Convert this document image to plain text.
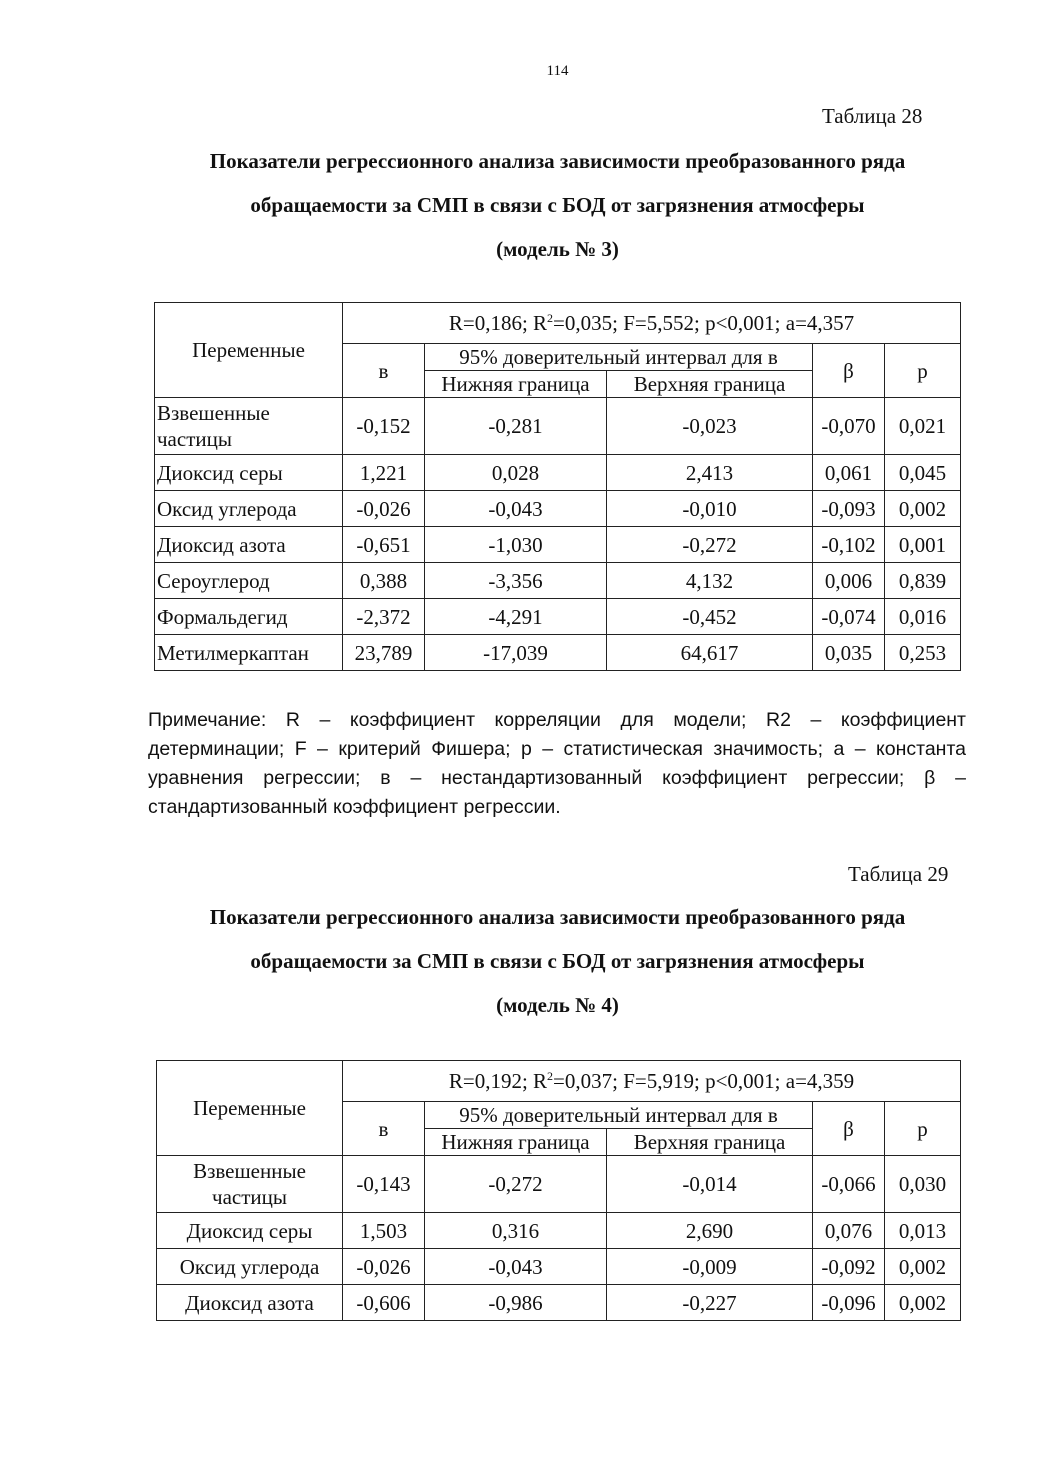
114
Таблица 28
Показатели регрессионного анализа зависимости преобразованного ряда
обращаемости за СМП в связи с БОД от загрязнения атмосферы
(модель № 3)
Переменные	R=0,186; $R^2=0,035$; F=5,552; p<0,001; a=4,357				
	в	95% доверительный интервал для в		β	p
		Нижняя граница	Верхняя граница		
Взвешенные частицы	-0,152	-0,281	-0,023	-0,070	0,021
Диоксид серы	1,221	0,028	2,413	0,061	0,045
Оксид углерода	-0,026	-0,043	-0,010	-0,093	0,002
Диоксид азота	-0,651	-1,030	-0,272	-0,102	0,001
Сероуглерод	0,388	-3,356	4,132	0,006	0,839
Формальдегид	-2,372	-4,291	-0,452	-0,074	0,016
Метилмеркаптан	23,789	-17,039	64,617	0,035	0,253
Примечание: R – коэффициент корреляции для модели; R2 – коэффициент детерминации; F – критерий Фишера; р – статистическая значимость; а – константа уравнения регрессии; в – нестандартизованный коэффициент регрессии; β – стандартизованный коэффициент регрессии.
Таблица 29
Показатели регрессионного анализа зависимости преобразованного ряда
обращаемости за СМП в связи с БОД от загрязнения атмосферы
(модель № 4)
Переменные	R=0,192; $R^2=0,037$; F=5,919; p<0,001; a=4,359				
	в	95% доверительный интервал для в		β	p
		Нижняя граница	Верхняя граница		
Взвешенные частицы	-0,143	-0,272	-0,014	-0,066	0,030
Диоксид серы	1,503	0,316	2,690	0,076	0,013
Оксид углерода	-0,026	-0,043	-0,009	-0,092	0,002
Диоксид азота	-0,606	-0,986	-0,227	-0,096	0,002
